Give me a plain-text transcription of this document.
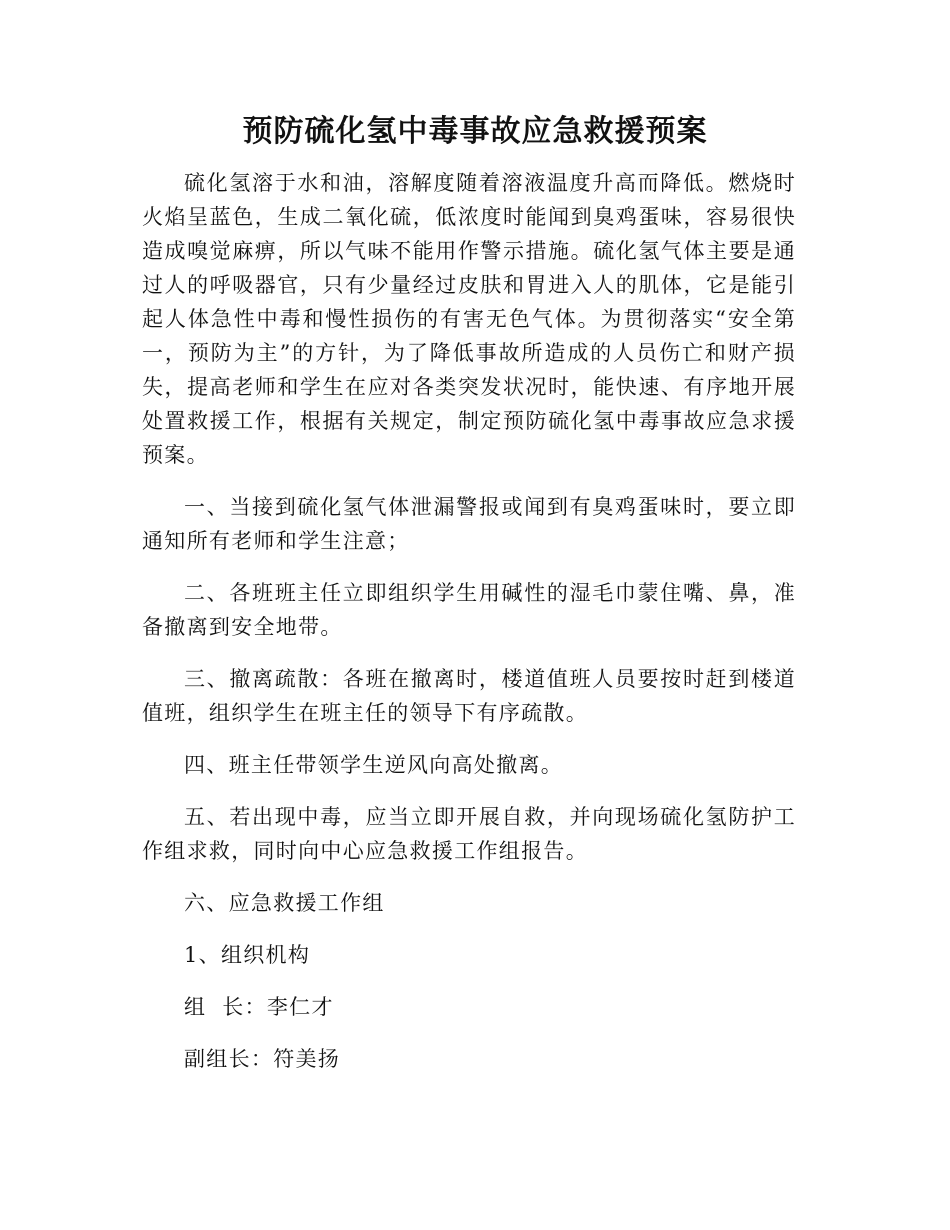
预防硫化氢中毒事故应急救援预案

硫化氢溶于水和油，溶解度随着溶液温度升高而降低。燃烧时火焰呈蓝色，生成二氧化硫，低浓度时能闻到臭鸡蛋味，容易很快造成嗅觉麻痹，所以气味不能用作警示措施。硫化氢气体主要是通过人的呼吸器官，只有少量经过皮肤和胃进入人的肌体，它是能引起人体急性中毒和慢性损伤的有害无色气体。为贯彻落实“安全第一，预防为主”的方针，为了降低事故所造成的人员伤亡和财产损失，提高老师和学生在应对各类突发状况时，能快速、有序地开展处置救援工作，根据有关规定，制定预防硫化氢中毒事故应急求援预案。

一、当接到硫化氢气体泄漏警报或闻到有臭鸡蛋味时，要立即通知所有老师和学生注意；

二、各班班主任立即组织学生用碱性的湿毛巾蒙住嘴、鼻，准备撤离到安全地带。

三、撤离疏散：各班在撤离时，楼道值班人员要按时赶到楼道值班，组织学生在班主任的领导下有序疏散。

四、班主任带领学生逆风向高处撤离。

五、若出现中毒，应当立即开展自救，并向现场硫化氢防护工作组求救，同时向中心应急救援工作组报告。

六、应急救援工作组

1、组织机构

组  长：李仁才

副组长：符美扬
